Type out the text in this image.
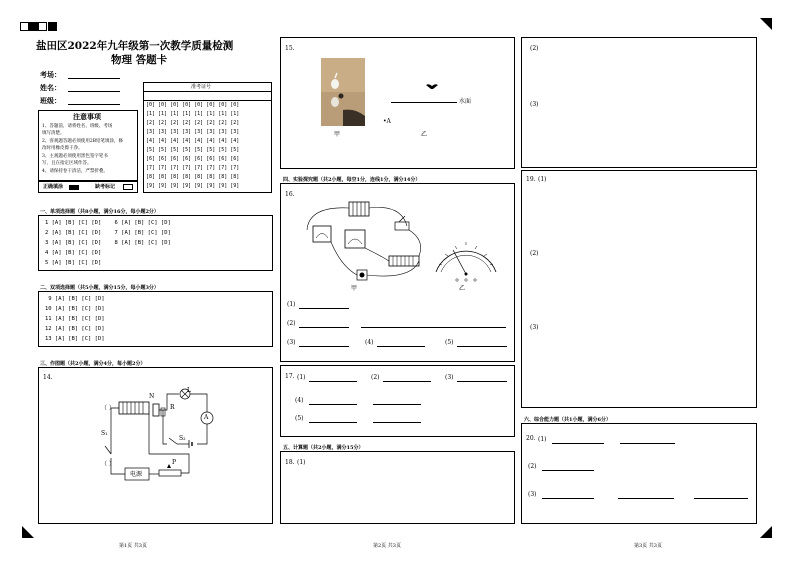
盐田区2022年九年级第一次教学质量检测
物理 答题卡
考场：
姓名：
班级：
准考证号
[0] [0] [0] [0] [0] [0] [0] [0]
[1] [1] [1] [1] [1] [1] [1] [1]
[2] [2] [2] [2] [2] [2] [2] [2]
[3] [3] [3] [3] [3] [3] [3] [3]
[4] [4] [4] [4] [4] [4] [4] [4]
[5] [5] [5] [5] [5] [5] [5] [5]
[6] [6] [6] [6] [6] [6] [6] [6]
[7] [7] [7] [7] [7] [7] [7] [7]
[8] [8] [8] [8] [8] [8] [8] [8]
[9] [9] [9] [9] [9] [9] [9] [9]
注意事项
1、答题前，请将姓名、班级、考场
填写清楚。
2、客观题答题必须使用2B铅笔填涂，修
改时用橡皮擦干净。
3、主观题必须使用黑色签字笔书
写，且在指定区域作答。
4、请保持卷干清洁，严禁折叠。
正确填涂	缺考标记
一、单项选择题（共8小题，满分16分，每小题2分）
1 [A] [B] [C] [D]    6 [A] [B] [C] [D]
2 [A] [B] [C] [D]    7 [A] [B] [C] [D]
3 [A] [B] [C] [D]    8 [A] [B] [C] [D]
4 [A] [B] [C] [D]
5 [A] [B] [C] [D]
二、双项选择题（共5小题，满分15分，每小题3分）
9 [A] [B] [C] [D]
10 [A] [B] [C] [D]
11 [A] [B] [C] [D]
12 [A] [B] [C] [D]
13 [A] [B] [C] [D]
三、作图题（共2小题，满分4分，每小题2分）
14.
N
L
R
A
S₁
S₂
P
电源
（ ）
（ ）
第1页 共3页
15.
水面
•A
甲	乙
四、实验探究题（共2小题，每空1分，连线1分，满分14分）
16.
甲	乙
(1)
(2)
(3)	(4)	(5)
17. (1)	(2)	(3)
(4)
(5)
五、计算题（共2小题，满分15分）
18. (1)
第2页 共3页
(2)
(3)
19. (1)
(2)
(3)
六、综合能力题（共1小题，满分6分）
20. (1)
(2)
(3)
第3页 共3页
